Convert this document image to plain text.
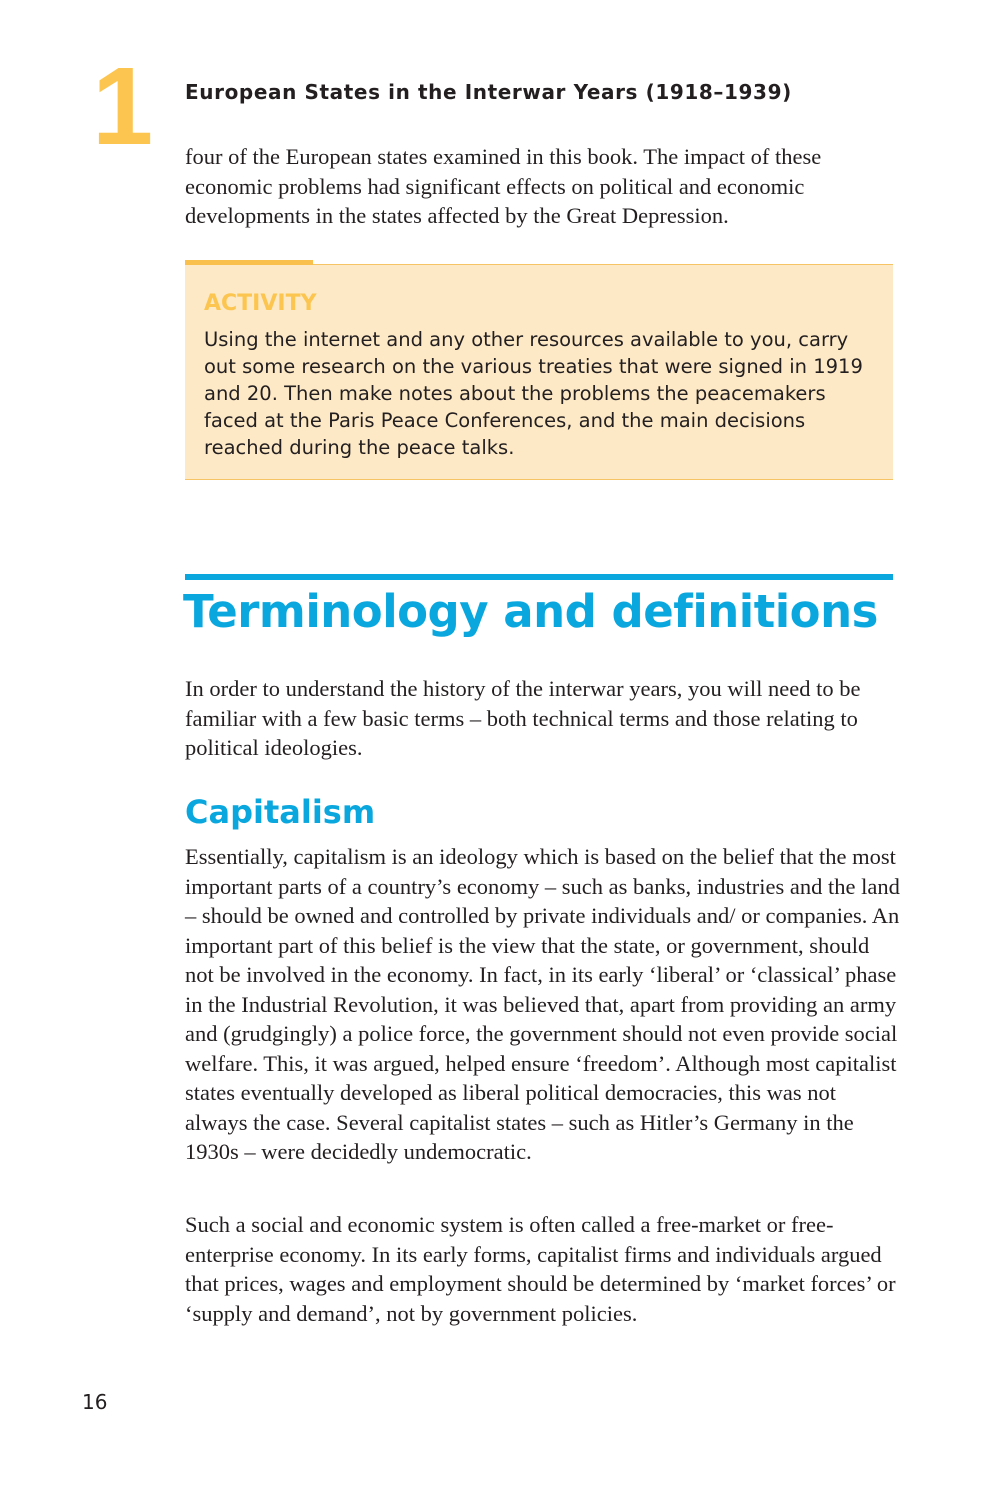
1 European States in the Interwar Years (1918–1939)

four of the European states examined in this book. The impact of these economic problems had significant effects on political and economic developments in the states affected by the Great Depression.

ACTIVITY

Using the internet and any other resources available to you, carry out some research on the various treaties that were signed in 1919 and 20. Then make notes about the problems the peacemakers faced at the Paris Peace Conferences, and the main decisions reached during the peace talks.

Terminology and definitions

In order to understand the history of the interwar years, you will need to be familiar with a few basic terms – both technical terms and those relating to political ideologies.

Capitalism

Essentially, capitalism is an ideology which is based on the belief that the most important parts of a country’s economy – such as banks, industries and the land – should be owned and controlled by private individuals and/ or companies. An important part of this belief is the view that the state, or government, should not be involved in the economy. In fact, in its early ‘liberal’ or ‘classical’ phase in the Industrial Revolution, it was believed that, apart from providing an army and (grudgingly) a police force, the government should not even provide social welfare. This, it was argued, helped ensure ‘freedom’. Although most capitalist states eventually developed as liberal political democracies, this was not always the case. Several capitalist states – such as Hitler’s Germany in the 1930s – were decidedly undemocratic.

Such a social and economic system is often called a free-market or free-enterprise economy. In its early forms, capitalist firms and individuals argued that prices, wages and employment should be determined by ‘market forces’ or ‘supply and demand’, not by government policies.

16
